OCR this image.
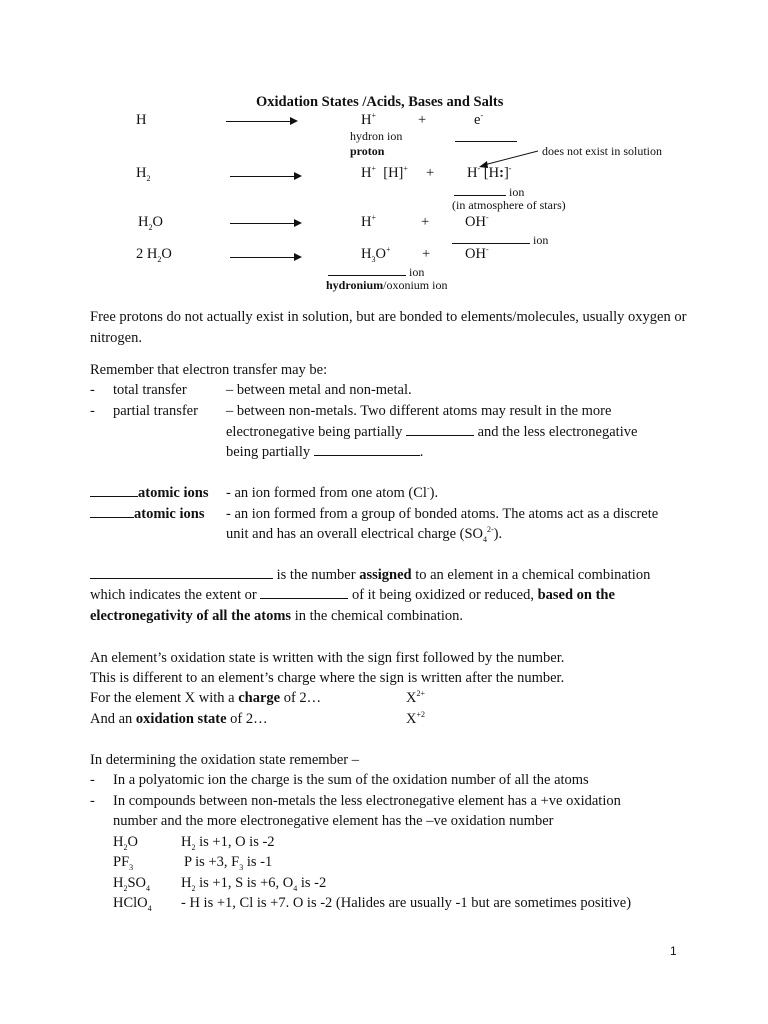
Oxidation States /Acids, Bases and Salts
H	H+	+	e-
hydron ion
proton	does not exist in solution
$H_2$	H+ [H]+ + H- [H:]-
ion
(in atmosphere of stars)
$H_2O$	H+	+ OH-
ion
2 $H_2O$	$H_3O^+ + OH^-$
ion
hydronium/oxonium ion
Free protons do not actually exist in solution, but are bonded to elements/molecules, usually oxygen or nitrogen.
Remember that electron transfer may be:
- total transfer	– between metal and non-metal.
- partial transfer – between non-metals. Two different atoms may result in the more
electronegative being partially	and the less electronegative
being partially	.
atomic ions - an ion formed from one atom (Cl-).
atomic ions - an ion formed from a group of bonded atoms. The atoms act as a discrete
unit and has an overall electrical charge $(SO_4^{2-})$.
is the number assigned to an element in a chemical combination
which indicates the extent or	of it being oxidized or reduced, based on the
electronegativity of all the atoms in the chemical combination.
An element’s oxidation state is written with the sign first followed by the number.
This is different to an element’s charge where the sign is written after the number.
For the element X with a charge of 2…	$X^{2+}$
And an oxidation state of 2…	$X^{+2}$
In determining the oxidation state remember –
- In a polyatomic ion the charge is the sum of the oxidation number of all the atoms
- In compounds between non-metals the less electronegative element has a +ve oxidation
number and the more electronegative element has the –ve oxidation number
$H_2O$	$H_2$ is +1, O is -2
$PF_3$	P is +3, $F_3$ is -1
$H_2SO_4$ $H_2$ is +1, S is +6, $O_4$ is -2
HClO$_4$ - H is +1, Cl is +7. O is -2 (Halides are usually -1 but are sometimes positive)
1
